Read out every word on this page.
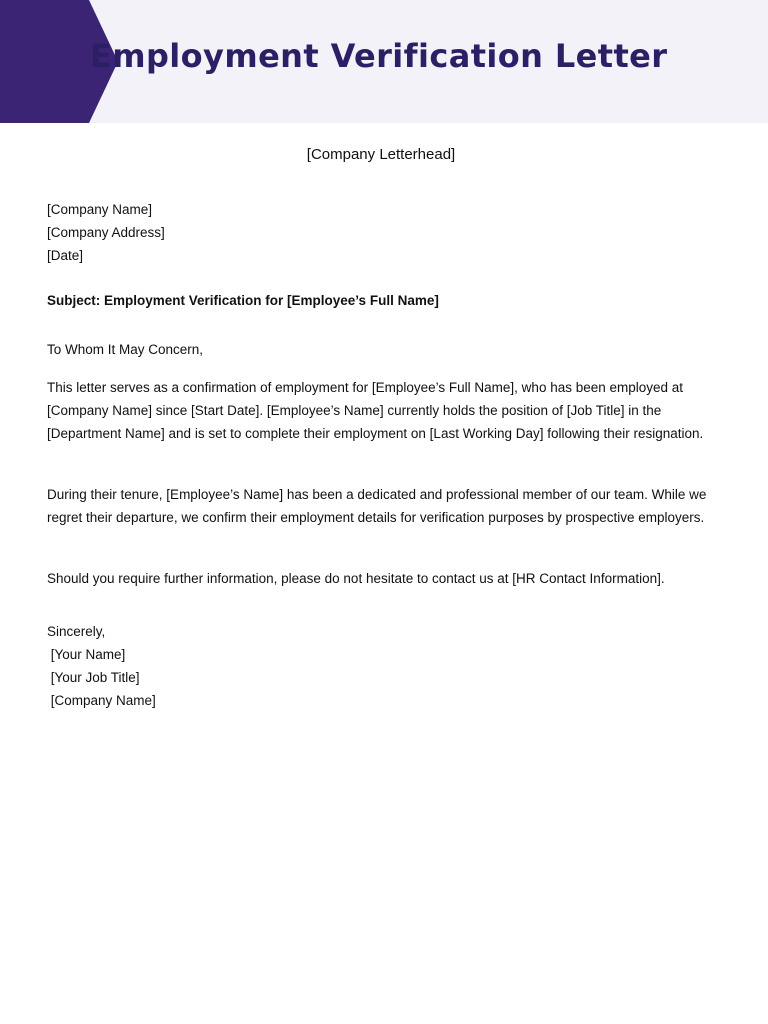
Employment Verification Letter
[Company Letterhead]
[Company Name]
[Company Address]
[Date]
Subject: Employment Verification for [Employee’s Full Name]
To Whom It May Concern,
This letter serves as a confirmation of employment for [Employee’s Full Name], who has been employed at [Company Name] since [Start Date]. [Employee’s Name] currently holds the position of [Job Title] in the [Department Name] and is set to complete their employment on [Last Working Day] following their resignation.
During their tenure, [Employee’s Name] has been a dedicated and professional member of our team. While we regret their departure, we confirm their employment details for verification purposes by prospective employers.
Should you require further information, please do not hesitate to contact us at [HR Contact Information].
Sincerely,
[Your Name]
[Your Job Title]
[Company Name]
